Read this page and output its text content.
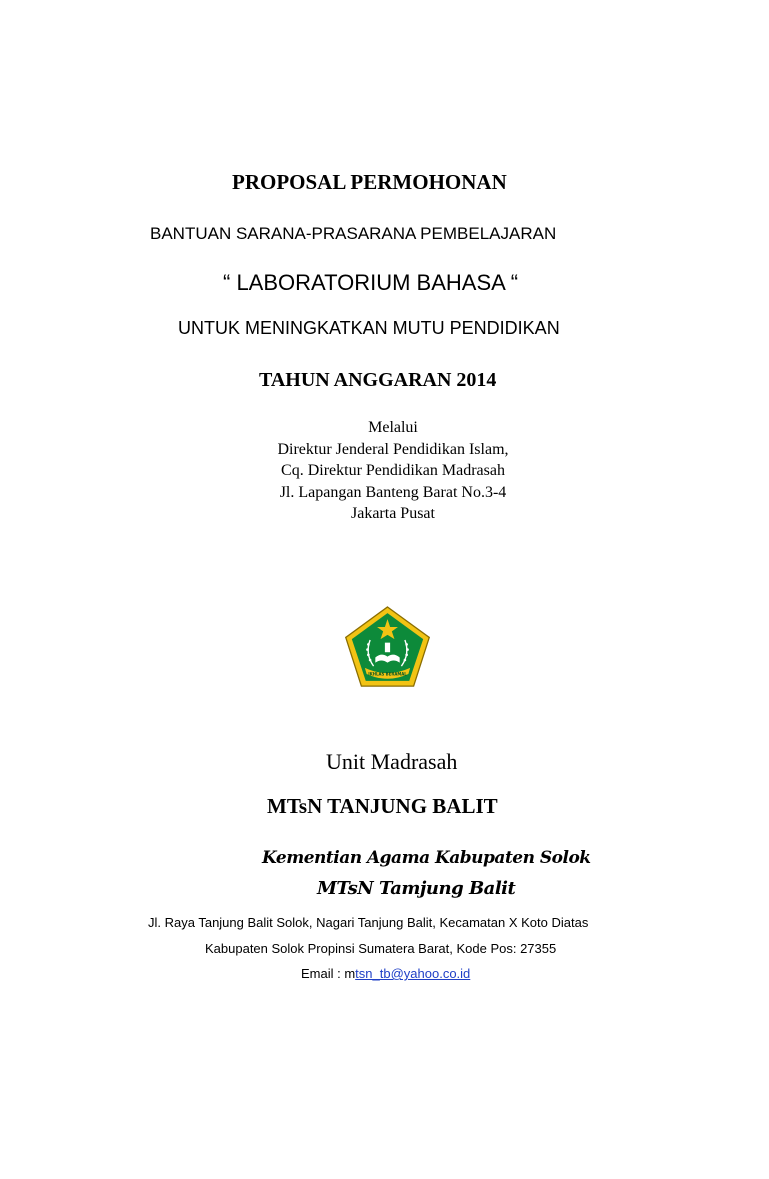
PROPOSAL PERMOHONAN
BANTUAN SARANA-PRASARANA PEMBELAJARAN
“ LABORATORIUM BAHASA “
UNTUK MENINGKATKAN MUTU PENDIDIKAN
TAHUN ANGGARAN 2014
Melalui
Direktur Jenderal Pendidikan Islam,
Cq. Direktur Pendidikan Madrasah
Jl. Lapangan Banteng Barat No.3-4
Jakarta Pusat
IKHLAS BERAMAL
Unit Madrasah
MTsN TANJUNG BALIT
Kementian Agama Kabupaten Solok
MTsN Tamjung Balit
Jl. Raya Tanjung Balit Solok, Nagari Tanjung Balit, Kecamatan X Koto Diatas
Kabupaten Solok Propinsi Sumatera Barat, Kode Pos: 27355
Email : mtsn_tb@yahoo.co.id
